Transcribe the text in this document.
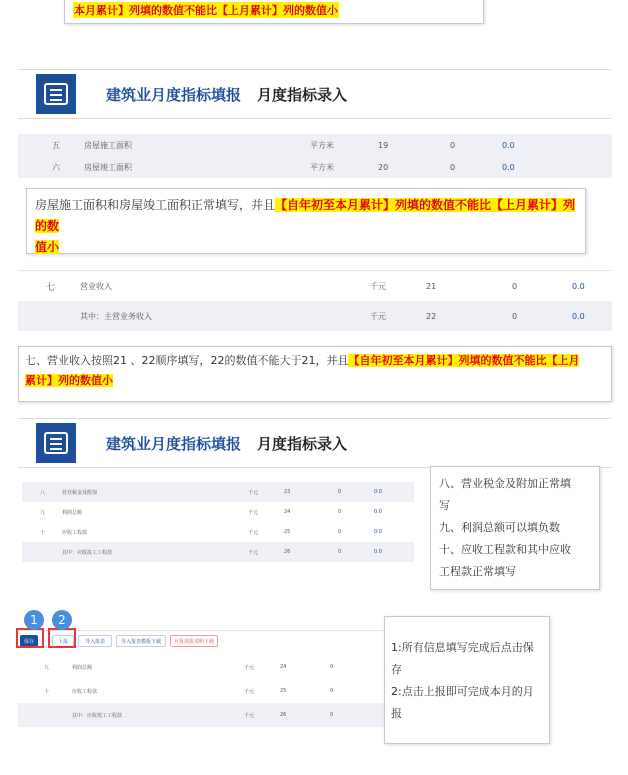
本月累计】列填的数值不能比【上月累计】列的数值小
建筑业月度指标填报 月度指标录入
五	房屋施工面积	平方米	19	0	0.0
六	房屋竣工面积	平方米	20	0	0.0
房屋施工面积和房屋竣工面积正常填写，并且【自年初至本月累计】列填的数值不能比【上月累计】列的数
值小
七	营业收入	千元	21	0	0.0
其中：主营业务收入	千元	22	0	0.0
七、营业收入按照21 、22顺序填写，22的数值不能大于21，并且【自年初至本月累计】列填的数值不能比【上月
累计】列的数值小
建筑业月度指标填报 月度指标录入
八	营业税金及附加	千元	23	0	0.0
九	利润总额	千元	24	0	0.0
十	应收工程款	千元	25	0	0.0
其中：应收竣工工程款	千元	26	0	0.0
八、营业税金及附加正常填
写
九、利润总额可以填负数
十、应收工程款和其中应收
工程款正常填写
保存	上报	导入报表	导入报表模板下载	月报填报说明下载
九	利润总额	千元	24	0
十	应收工程款	千元	25	0
其中：应收竣工工程款	千元	26	0
1	2
1:所有信息填写完成后点击保
存
2:点击上报即可完成本月的月
报
